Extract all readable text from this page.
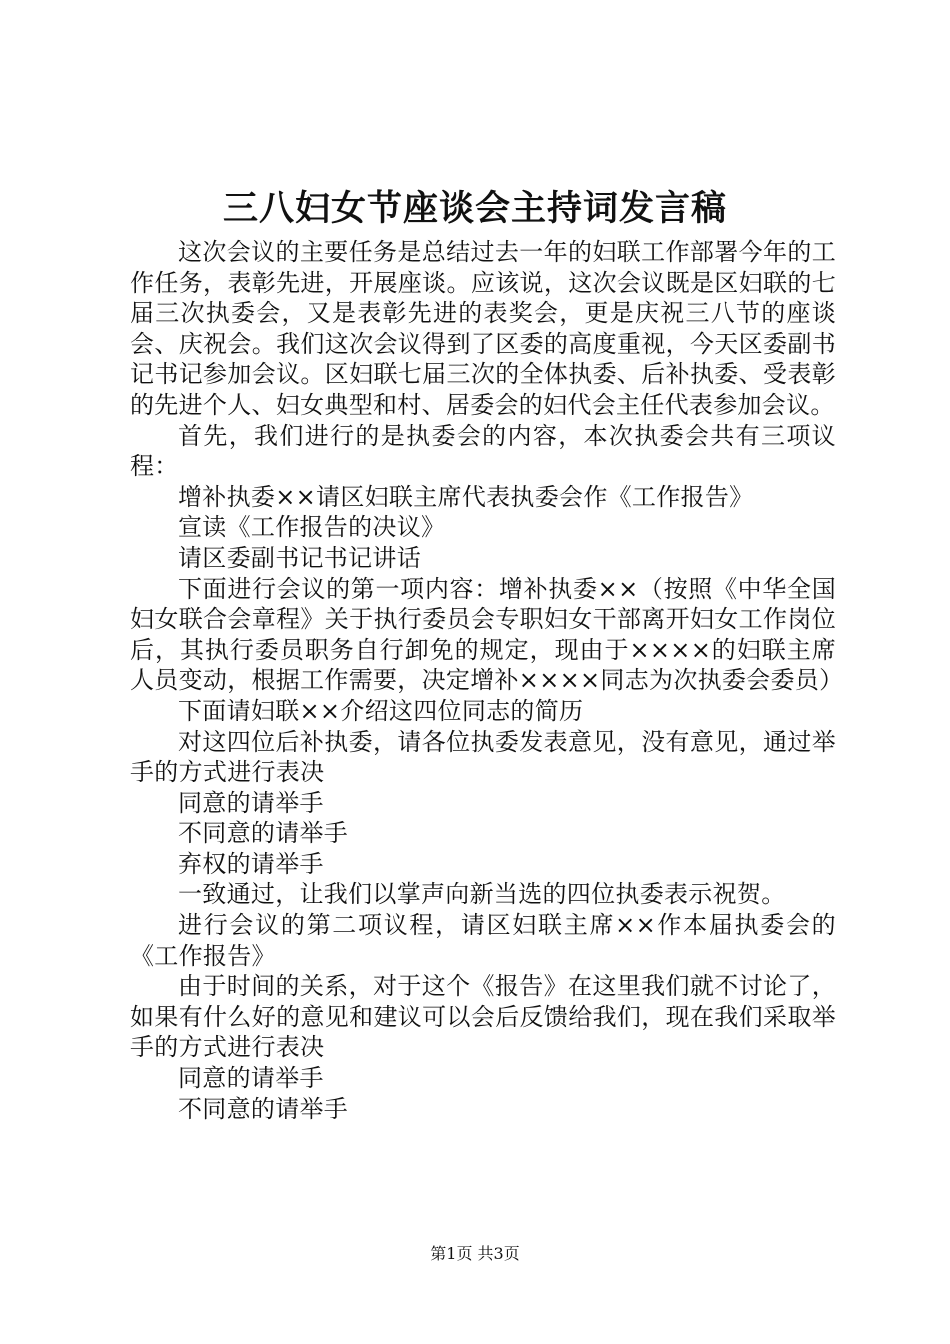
三八妇女节座谈会主持词发言稿

这次会议的主要任务是总结过去一年的妇联工作部署今年的工作任务，表彰先进，开展座谈。应该说，这次会议既是区妇联的七届三次执委会，又是表彰先进的表奖会，更是庆祝三八节的座谈会、庆祝会。我们这次会议得到了区委的高度重视，今天区委副书记书记参加会议。区妇联七届三次的全体执委、后补执委、受表彰的先进个人、妇女典型和村、居委会的妇代会主任代表参加会议。

首先，我们进行的是执委会的内容，本次执委会共有三项议程：

增补执委××请区妇联主席代表执委会作《工作报告》

宣读《工作报告的决议》

请区委副书记书记讲话

下面进行会议的第一项内容：增补执委××（按照《中华全国妇女联合会章程》关于执行委员会专职妇女干部离开妇女工作岗位后，其执行委员职务自行卸免的规定，现由于××××的妇联主席人员变动，根据工作需要，决定增补××××同志为次执委会委员）

下面请妇联××介绍这四位同志的简历

对这四位后补执委，请各位执委发表意见，没有意见，通过举手的方式进行表决

同意的请举手

不同意的请举手

弃权的请举手

一致通过，让我们以掌声向新当选的四位执委表示祝贺。

进行会议的第二项议程，请区妇联主席××作本届执委会的《工作报告》

由于时间的关系，对于这个《报告》在这里我们就不讨论了，如果有什么好的意见和建议可以会后反馈给我们，现在我们采取举手的方式进行表决

同意的请举手

不同意的请举手

第1页 共3页
